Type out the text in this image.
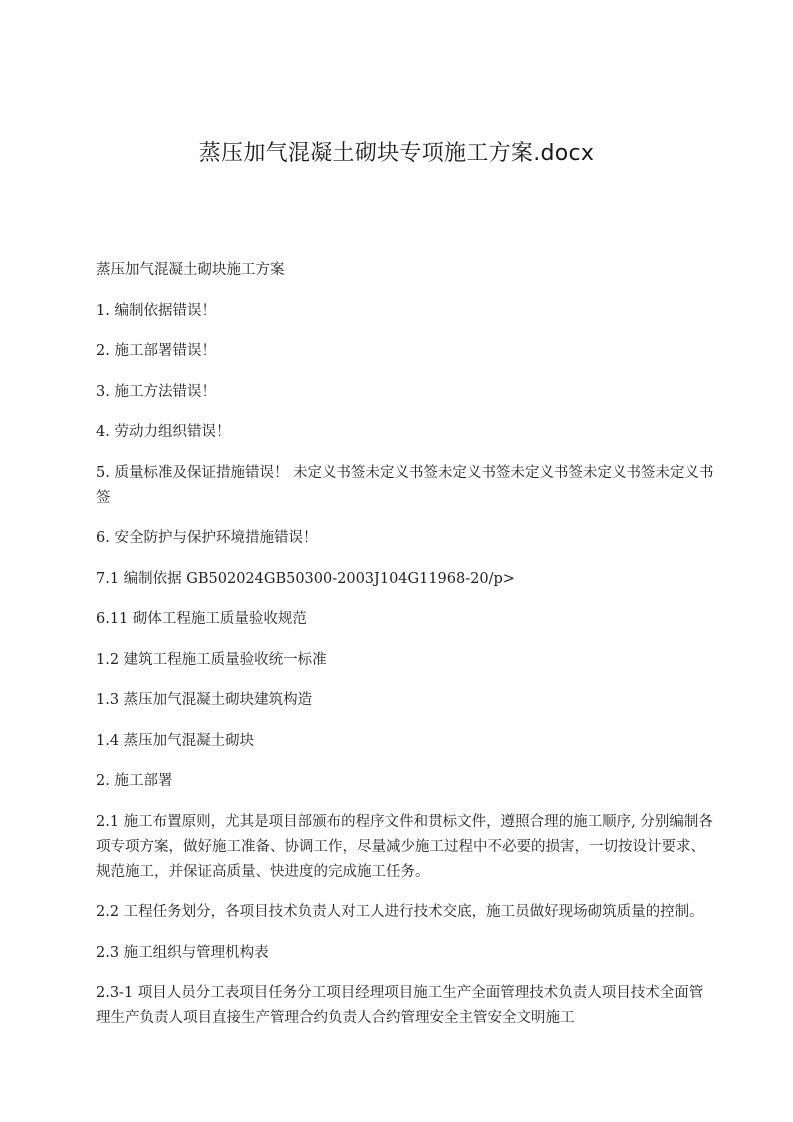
蒸压加气混凝土砌块专项施工方案.docx

蒸压加气混凝土砌块施工方案

1. 编制依据错误！

2. 施工部署错误！

3. 施工方法错误！

4. 劳动力组织错误！

5. 质量标准及保证措施错误！ 未定义书签未定义书签未定义书签未定义书签未定义书签未定义书签

6. 安全防护与保护环境措施错误！

7.1 编制依据 GB502024GB50300-2003J104G11968-20/p>

6.11 砌体工程施工质量验收规范

1.2 建筑工程施工质量验收统一标准

1.3 蒸压加气混凝土砌块建筑构造

1.4 蒸压加气混凝土砌块

2. 施工部署

2.1 施工布置原则，尤其是项目部颁布的程序文件和贯标文件，遵照合理的施工顺序, 分别编制各项专项方案，做好施工准备、协调工作，尽量减少施工过程中不必要的损害，一切按设计要求、规范施工，并保证高质量、快进度的完成施工任务。

2.2 工程任务划分，各项目技术负责人对工人进行技术交底，施工员做好现场砌筑质量的控制。

2.3 施工组织与管理机构表

2.3-1 项目人员分工表项目任务分工项目经理项目施工生产全面管理技术负责人项目技术全面管理生产负责人项目直接生产管理合约负责人合约管理安全主管安全文明施工
